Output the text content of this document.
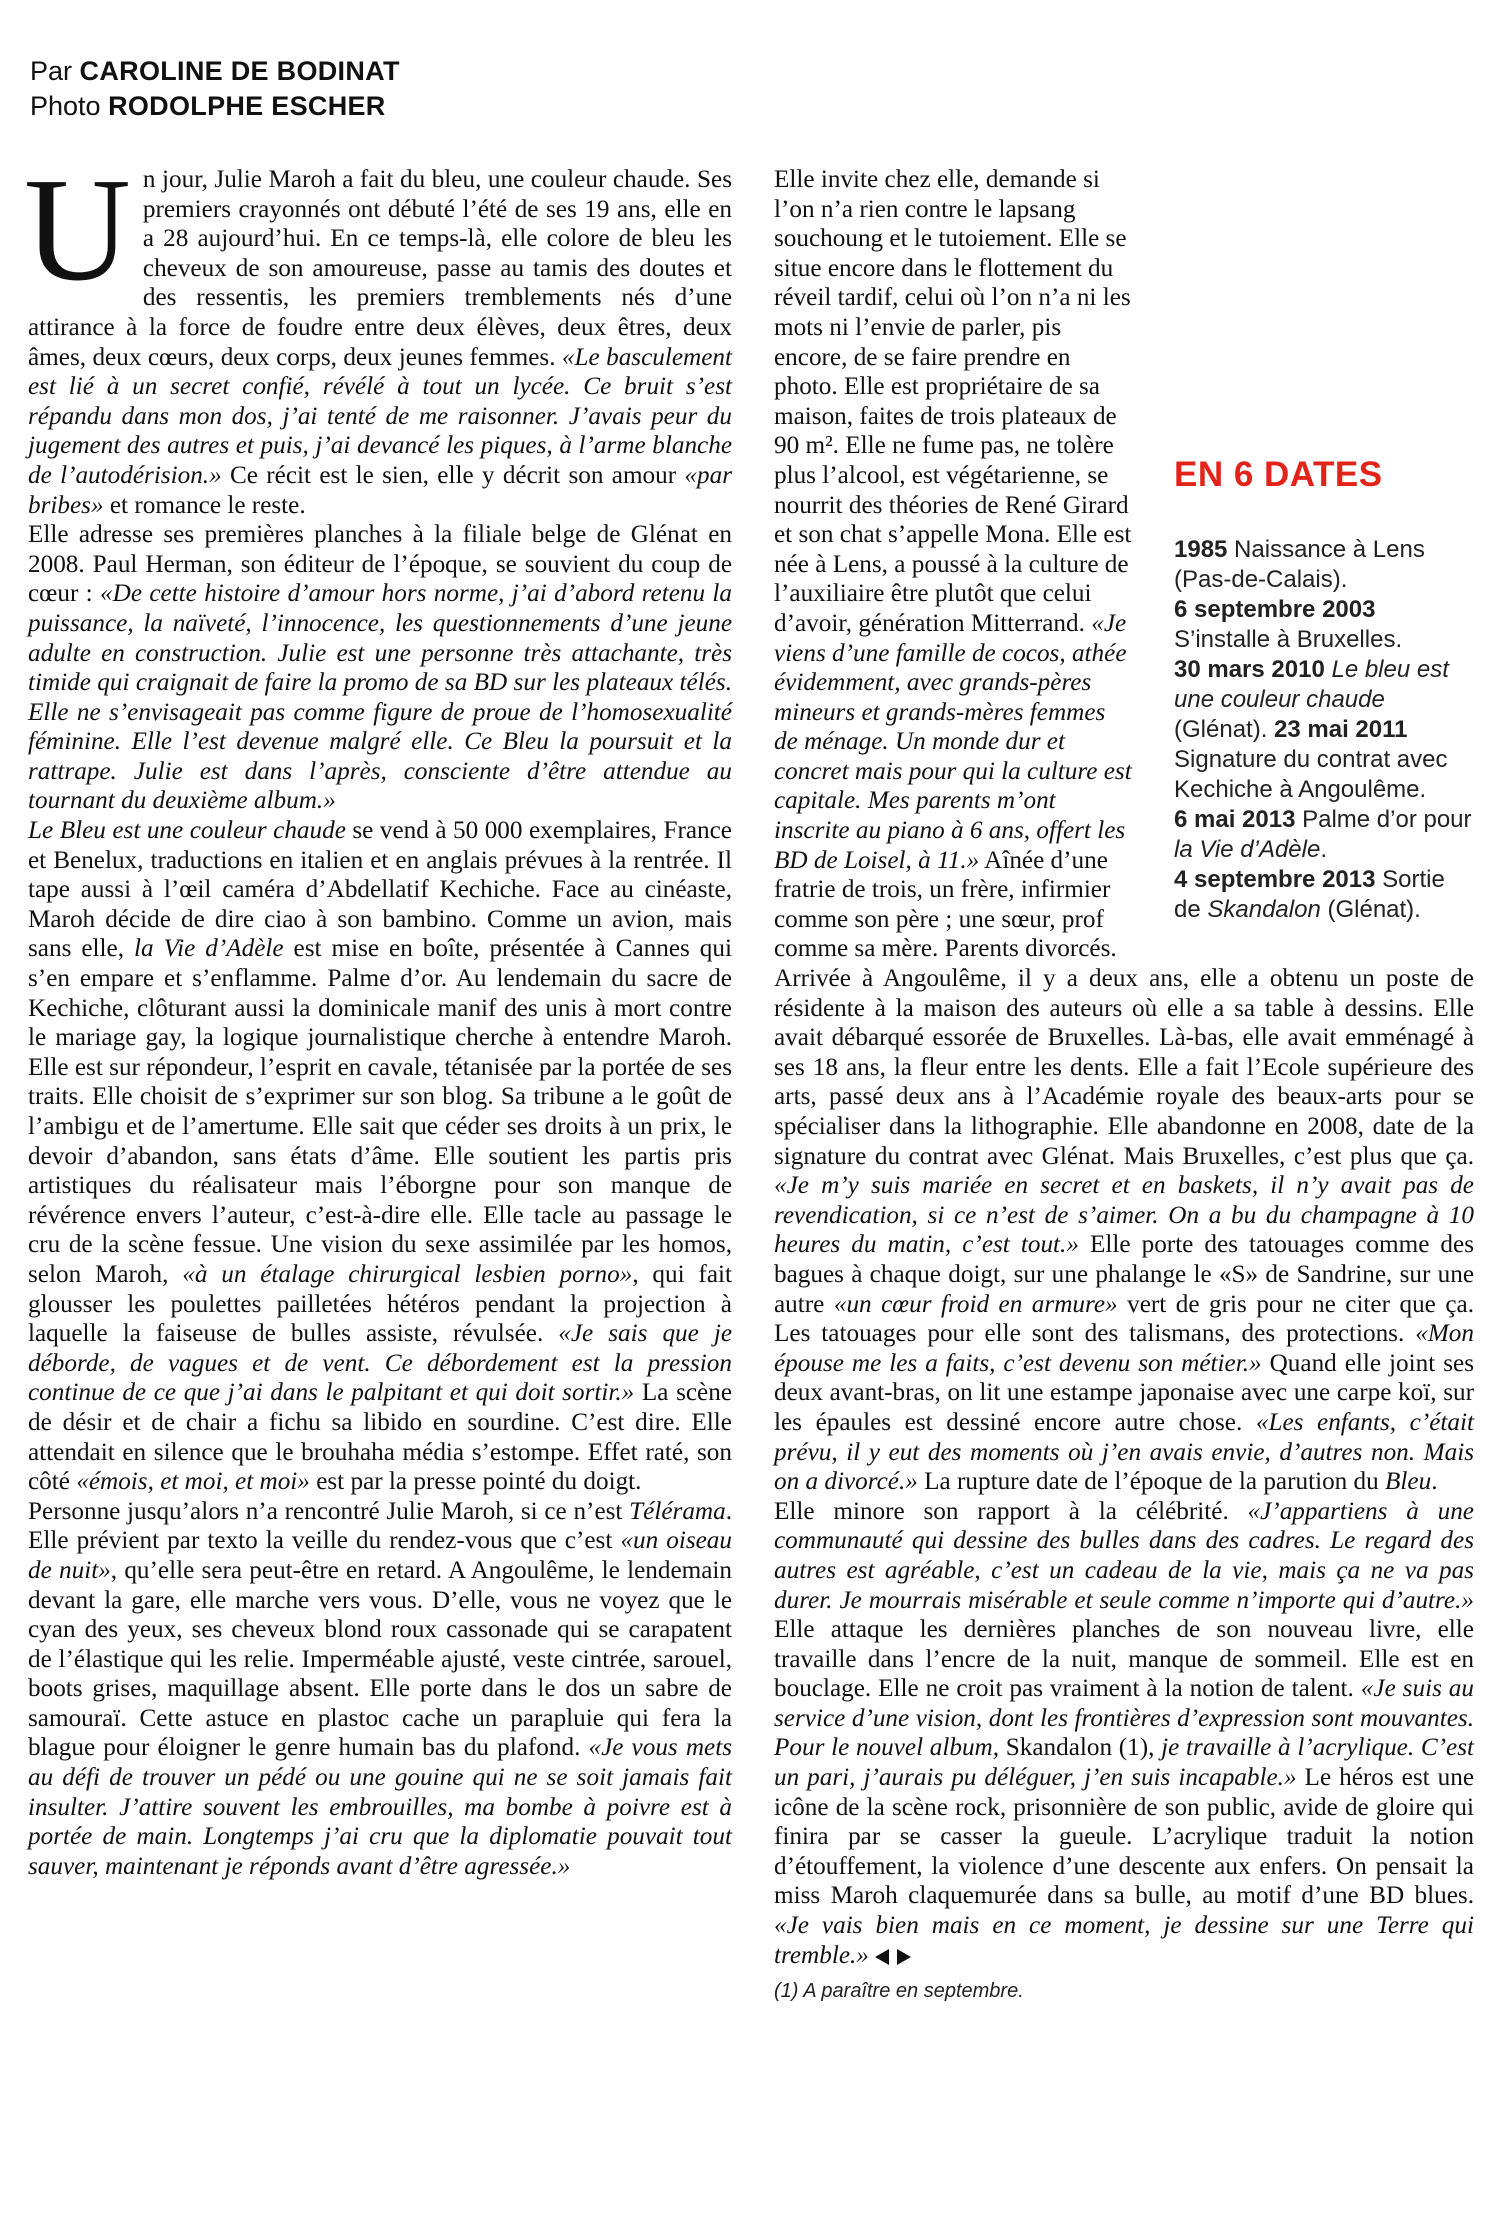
Par CAROLINE DE BODINAT
Photo RODOLPHE ESCHER

Un jour, Julie Maroh a fait du bleu, une couleur chaude. Ses premiers crayonnés ont débuté l’été de ses 19 ans, elle en a 28 aujourd’hui. En ce temps-là, elle colore de bleu les cheveux de son amoureuse, passe au tamis des doutes et des ressentis, les premiers tremblements nés d’une attirance à la force de foudre entre deux élèves, deux êtres, deux âmes, deux cœurs, deux corps, deux jeunes femmes. «Le basculement est lié à un secret confié, révélé à tout un lycée. Ce bruit s’est répandu dans mon dos, j’ai tenté de me raisonner. J’avais peur du jugement des autres et puis, j’ai devancé les piques, à l’arme blanche de l’autodérision.» Ce récit est le sien, elle y décrit son amour «par bribes» et romance le reste.

Elle adresse ses premières planches à la filiale belge de Glénat en 2008. Paul Herman, son éditeur de l’époque, se souvient du coup de cœur : «De cette histoire d’amour hors norme, j’ai d’abord retenu la puissance, la naïveté, l’innocence, les questionnements d’une jeune adulte en construction. Julie est une personne très attachante, très timide qui craignait de faire la promo de sa BD sur les plateaux télés. Elle ne s’envisageait pas comme figure de proue de l’homosexualité féminine. Elle l’est devenue malgré elle. Ce Bleu la poursuit et la rattrape. Julie est dans l’après, consciente d’être attendue au tournant du deuxième album.»

Le Bleu est une couleur chaude se vend à 50 000 exemplaires, France et Benelux, traductions en italien et en anglais prévues à la rentrée. Il tape aussi à l’œil caméra d’Abdellatif Kechiche. Face au cinéaste, Maroh décide de dire ciao à son bambino. Comme un avion, mais sans elle, la Vie d’Adèle est mise en boîte, présentée à Cannes qui s’en empare et s’enflamme. Palme d’or. Au lendemain du sacre de Kechiche, clôturant aussi la dominicale manif des unis à mort contre le mariage gay, la logique journalistique cherche à entendre Maroh. Elle est sur répondeur, l’esprit en cavale, tétanisée par la portée de ses traits. Elle choisit de s’exprimer sur son blog. Sa tribune a le goût de l’ambigu et de l’amertume. Elle sait que céder ses droits à un prix, le devoir d’abandon, sans états d’âme. Elle soutient les partis pris artistiques du réalisateur mais l’éborgne pour son manque de révérence envers l’auteur, c’est-à-dire elle. Elle tacle au passage le cru de la scène fessue. Une vision du sexe assimilée par les homos, selon Maroh, «à un étalage chirurgical lesbien porno», qui fait glousser les poulettes pailletées hétéros pendant la projection à laquelle la faiseuse de bulles assiste, révulsée. «Je sais que je déborde, de vagues et de vent. Ce débordement est la pression continue de ce que j’ai dans le palpitant et qui doit sortir.» La scène de désir et de chair a fichu sa libido en sourdine. C’est dire. Elle attendait en silence que le brouhaha média s’estompe. Effet raté, son côté «émois, et moi, et moi» est par la presse pointé du doigt.

Personne jusqu’alors n’a rencontré Julie Maroh, si ce n’est Télérama. Elle prévient par texto la veille du rendez-vous que c’est «un oiseau de nuit», qu’elle sera peut-être en retard. A Angoulême, le lendemain devant la gare, elle marche vers vous. D’elle, vous ne voyez que le cyan des yeux, ses cheveux blond roux cassonade qui se carapatent de l’élastique qui les relie. Imperméable ajusté, veste cintrée, sarouel, boots grises, maquillage absent. Elle porte dans le dos un sabre de samouraï. Cette astuce en plastoc cache un parapluie qui fera la blague pour éloigner le genre humain bas du plafond. «Je vous mets au défi de trouver un pédé ou une gouine qui ne se soit jamais fait insulter. J’attire souvent les embrouilles, ma bombe à poivre est à portée de main. Longtemps j’ai cru que la diplomatie pouvait tout sauver, maintenant je réponds avant d’être agressée.»

EN 6 DATES
1985 Naissance à Lens (Pas-de-Calais).
6 septembre 2003
S’installe à Bruxelles.
30 mars 2010 Le bleu est une couleur chaude (Glénat). 23 mai 2011
Signature du contrat avec Kechiche à Angoulême.
6 mai 2013 Palme d’or pour la Vie d’Adèle.
4 septembre 2013 Sortie de Skandalon (Glénat).
Elle invite chez elle, demande si l’on n’a rien contre le lapsang souchoung et le tutoiement. Elle se situe encore dans le flottement du réveil tardif, celui où l’on n’a ni les mots ni l’envie de parler, pis encore, de se faire prendre en photo. Elle est propriétaire de sa maison, faites de trois plateaux de 90 m². Elle ne fume pas, ne tolère plus l’alcool, est végétarienne, se nourrit des théories de René Girard et son chat s’appelle Mona. Elle est née à Lens, a poussé à la culture de l’auxiliaire être plutôt que celui d’avoir, génération Mitterrand. «Je viens d’une famille de cocos, athée évidemment, avec grands-pères mineurs et grands-mères femmes de ménage. Un monde dur et concret mais pour qui la culture est capitale. Mes parents m’ont inscrite au piano à 6 ans, offert les BD de Loisel, à 11.» Aînée d’une fratrie de trois, un frère, infirmier comme son père ; une sœur, prof comme sa mère. Parents divorcés.

Arrivée à Angoulême, il y a deux ans, elle a obtenu un poste de résidente à la maison des auteurs où elle a sa table à dessins. Elle avait débarqué essorée de Bruxelles. Là-bas, elle avait emménagé à ses 18 ans, la fleur entre les dents. Elle a fait l’Ecole supérieure des arts, passé deux ans à l’Académie royale des beaux-arts pour se spécialiser dans la lithographie. Elle abandonne en 2008, date de la signature du contrat avec Glénat. Mais Bruxelles, c’est plus que ça. «Je m’y suis mariée en secret et en baskets, il n’y avait pas de revendication, si ce n’est de s’aimer. On a bu du champagne à 10 heures du matin, c’est tout.» Elle porte des tatouages comme des bagues à chaque doigt, sur une phalange le «S» de Sandrine, sur une autre «un cœur froid en armure» vert de gris pour ne citer que ça. Les tatouages pour elle sont des talismans, des protections. «Mon épouse me les a faits, c’est devenu son métier.» Quand elle joint ses deux avant-bras, on lit une estampe japonaise avec une carpe koï, sur les épaules est dessiné encore autre chose. «Les enfants, c’était prévu, il y eut des moments où j’en avais envie, d’autres non. Mais on a divorcé.» La rupture date de l’époque de la parution du Bleu.

Elle minore son rapport à la célébrité. «J’appartiens à une communauté qui dessine des bulles dans des cadres. Le regard des autres est agréable, c’est un cadeau de la vie, mais ça ne va pas durer. Je mourrais misérable et seule comme n’importe qui d’autre.» Elle attaque les dernières planches de son nouveau livre, elle travaille dans l’encre de la nuit, manque de sommeil. Elle est en bouclage. Elle ne croit pas vraiment à la notion de talent. «Je suis au service d’une vision, dont les frontières d’expression sont mouvantes. Pour le nouvel album, Skandalon (1), je travaille à l’acrylique. C’est un pari, j’aurais pu déléguer, j’en suis incapable.» Le héros est une icône de la scène rock, prisonnière de son public, avide de gloire qui finira par se casser la gueule. L’acrylique traduit la notion d’étouffement, la violence d’une descente aux enfers. On pensait la miss Maroh claquemurée dans sa bulle, au motif d’une BD blues. «Je vais bien mais en ce moment, je dessine sur une Terre qui tremble.»

(1) A paraître en septembre.
